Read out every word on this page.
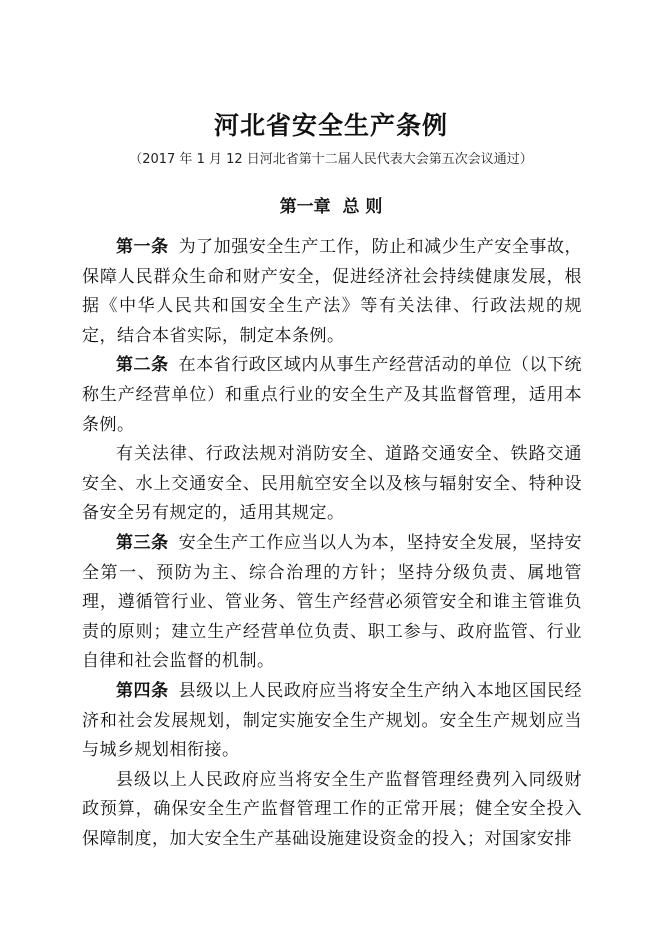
河北省安全生产条例
（2017 年 1 月 12 日河北省第十二届人民代表大会第五次会议通过）
第一章  总 则

第一条 为了加强安全生产工作，防止和减少生产安全事故，保障人民群众生命和财产安全，促进经济社会持续健康发展，根据《中华人民共和国安全生产法》等有关法律、行政法规的规定，结合本省实际，制定本条例。

第二条 在本省行政区域内从事生产经营活动的单位（以下统称生产经营单位）和重点行业的安全生产及其监督管理，适用本条例。

有关法律、行政法规对消防安全、道路交通安全、铁路交通安全、水上交通安全、民用航空安全以及核与辐射安全、特种设备安全另有规定的，适用其规定。

第三条 安全生产工作应当以人为本，坚持安全发展，坚持安全第一、预防为主、综合治理的方针；坚持分级负责、属地管理，遵循管行业、管业务、管生产经营必须管安全和谁主管谁负责的原则；建立生产经营单位负责、职工参与、政府监管、行业自律和社会监督的机制。

第四条 县级以上人民政府应当将安全生产纳入本地区国民经济和社会发展规划，制定实施安全生产规划。安全生产规划应当与城乡规划相衔接。

县级以上人民政府应当将安全生产监督管理经费列入同级财政预算，确保安全生产监督管理工作的正常开展；健全安全投入保障制度，加大安全生产基础设施建设资金的投入；对国家安排
